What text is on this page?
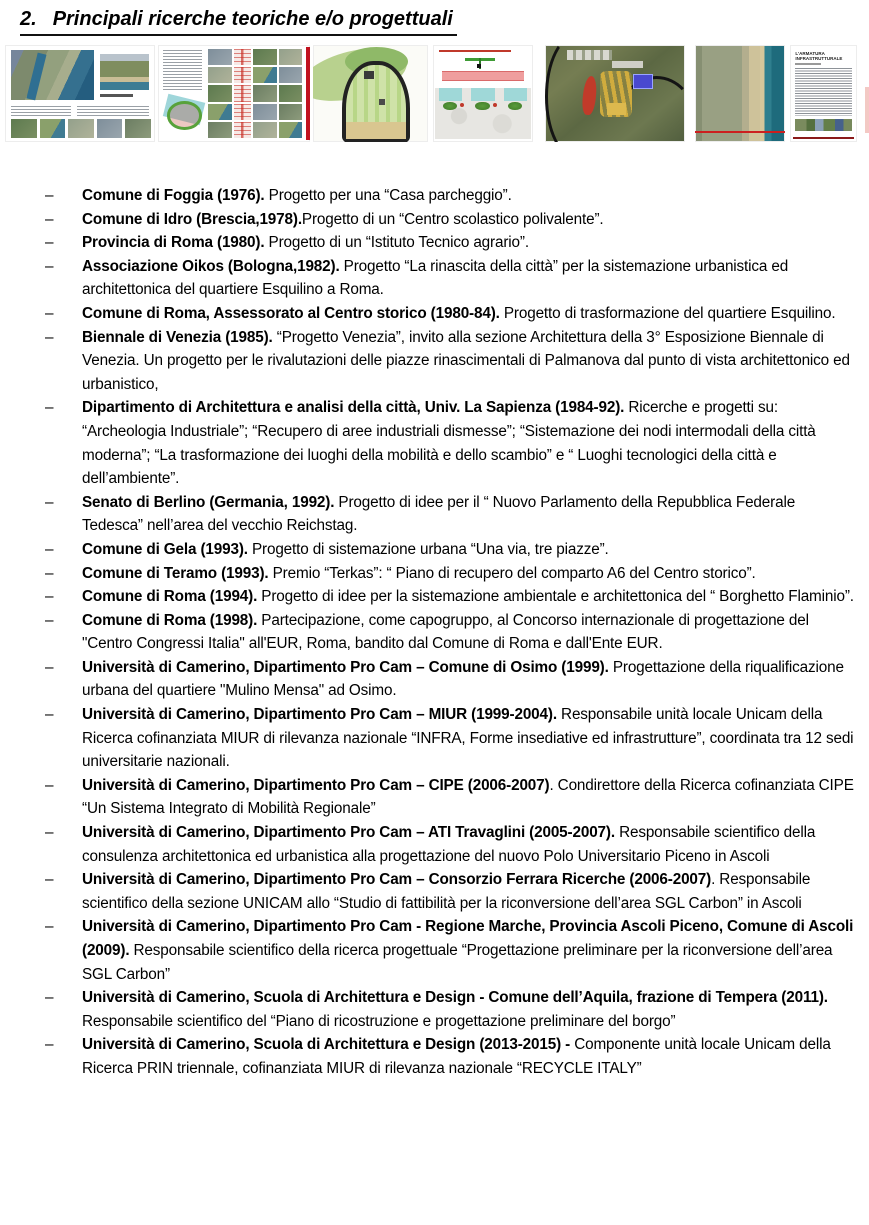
2. Principali ricerche teoriche e/o progettuali
L'ARMATURA INFRASTRUTTURALE
–	Comune di Foggia (1976). Progetto per una “Casa parcheggio”.
–	Comune di Idro (Brescia,1978).Progetto di un “Centro scolastico polivalente”.
–	Provincia di Roma (1980). Progetto di un “Istituto Tecnico agrario”.
–	Associazione Oikos (Bologna,1982). Progetto “La rinascita della città” per la sistemazione urbanistica ed architettonica del quartiere Esquilino a Roma.
–	Comune di Roma, Assessorato al Centro storico (1980-84). Progetto di trasformazione del quartiere Esquilino.
–	Biennale di Venezia (1985). “Progetto Venezia”, invito alla sezione Architettura della 3° Esposizione Biennale di Venezia. Un progetto per le rivalutazioni delle piazze rinascimentali di Palmanova dal punto di vista architettonico ed urbanistico,
–	Dipartimento di Architettura e analisi della città, Univ. La Sapienza (1984-92). Ricerche e progetti su: “Archeologia Industriale”; “Recupero di aree industriali dismesse”; “Sistemazione dei nodi intermodali della città moderna”; “La trasformazione dei luoghi della mobilità e dello scambio” e “ Luoghi tecnologici della città e dell’ambiente”.
–	Senato di Berlino (Germania, 1992). Progetto di idee per il “ Nuovo Parlamento della Repubblica Federale Tedesca” nell’area del vecchio Reichstag.
–	Comune di Gela (1993). Progetto di sistemazione urbana “Una via, tre piazze”.
–	Comune di Teramo (1993). Premio “Terkas”: “ Piano di recupero del comparto A6 del Centro storico”.
–	Comune di Roma (1994). Progetto di idee per la sistemazione ambientale e architettonica del “ Borghetto Flaminio”.
–	Comune di Roma (1998). Partecipazione, come capogruppo, al Concorso internazionale di progettazione del "Centro Congressi Italia" all'EUR, Roma, bandito dal Comune di Roma e dall'Ente EUR.
–	Università di Camerino, Dipartimento Pro Cam – Comune di Osimo (1999). Progettazione della riqualificazione urbana del quartiere "Mulino Mensa" ad Osimo.
–	Università di Camerino, Dipartimento Pro Cam – MIUR (1999-2004). Responsabile unità locale Unicam della Ricerca cofinanziata MIUR di rilevanza nazionale “INFRA, Forme insediative ed infrastrutture”, coordinata tra 12 sedi universitarie nazionali.
–	Università di Camerino, Dipartimento Pro Cam – CIPE (2006-2007). Condirettore della Ricerca cofinanziata CIPE “Un Sistema Integrato di Mobilità Regionale”
–	Università di Camerino, Dipartimento Pro Cam – ATI Travaglini (2005-2007). Responsabile scientifico della consulenza architettonica ed urbanistica alla progettazione del nuovo Polo Universitario Piceno in Ascoli
–	Università di Camerino, Dipartimento Pro Cam – Consorzio Ferrara Ricerche (2006-2007). Responsabile scientifico della sezione UNICAM allo “Studio di fattibilità per la riconversione dell’area SGL Carbon” in Ascoli
–	Università di Camerino, Dipartimento Pro Cam - Regione Marche, Provincia Ascoli Piceno, Comune di Ascoli (2009). Responsabile scientifico della ricerca progettuale “Progettazione preliminare per la riconversione dell’area SGL Carbon”
–	Università di Camerino, Scuola di Architettura e Design - Comune dell’Aquila, frazione di Tempera (2011). Responsabile scientifico del “Piano di ricostruzione e progettazione preliminare del borgo”
–	Università di Camerino, Scuola di Architettura e Design (2013-2015) - Componente unità locale Unicam della Ricerca PRIN triennale, cofinanziata MIUR di rilevanza nazionale “RECYCLE ITALY”
